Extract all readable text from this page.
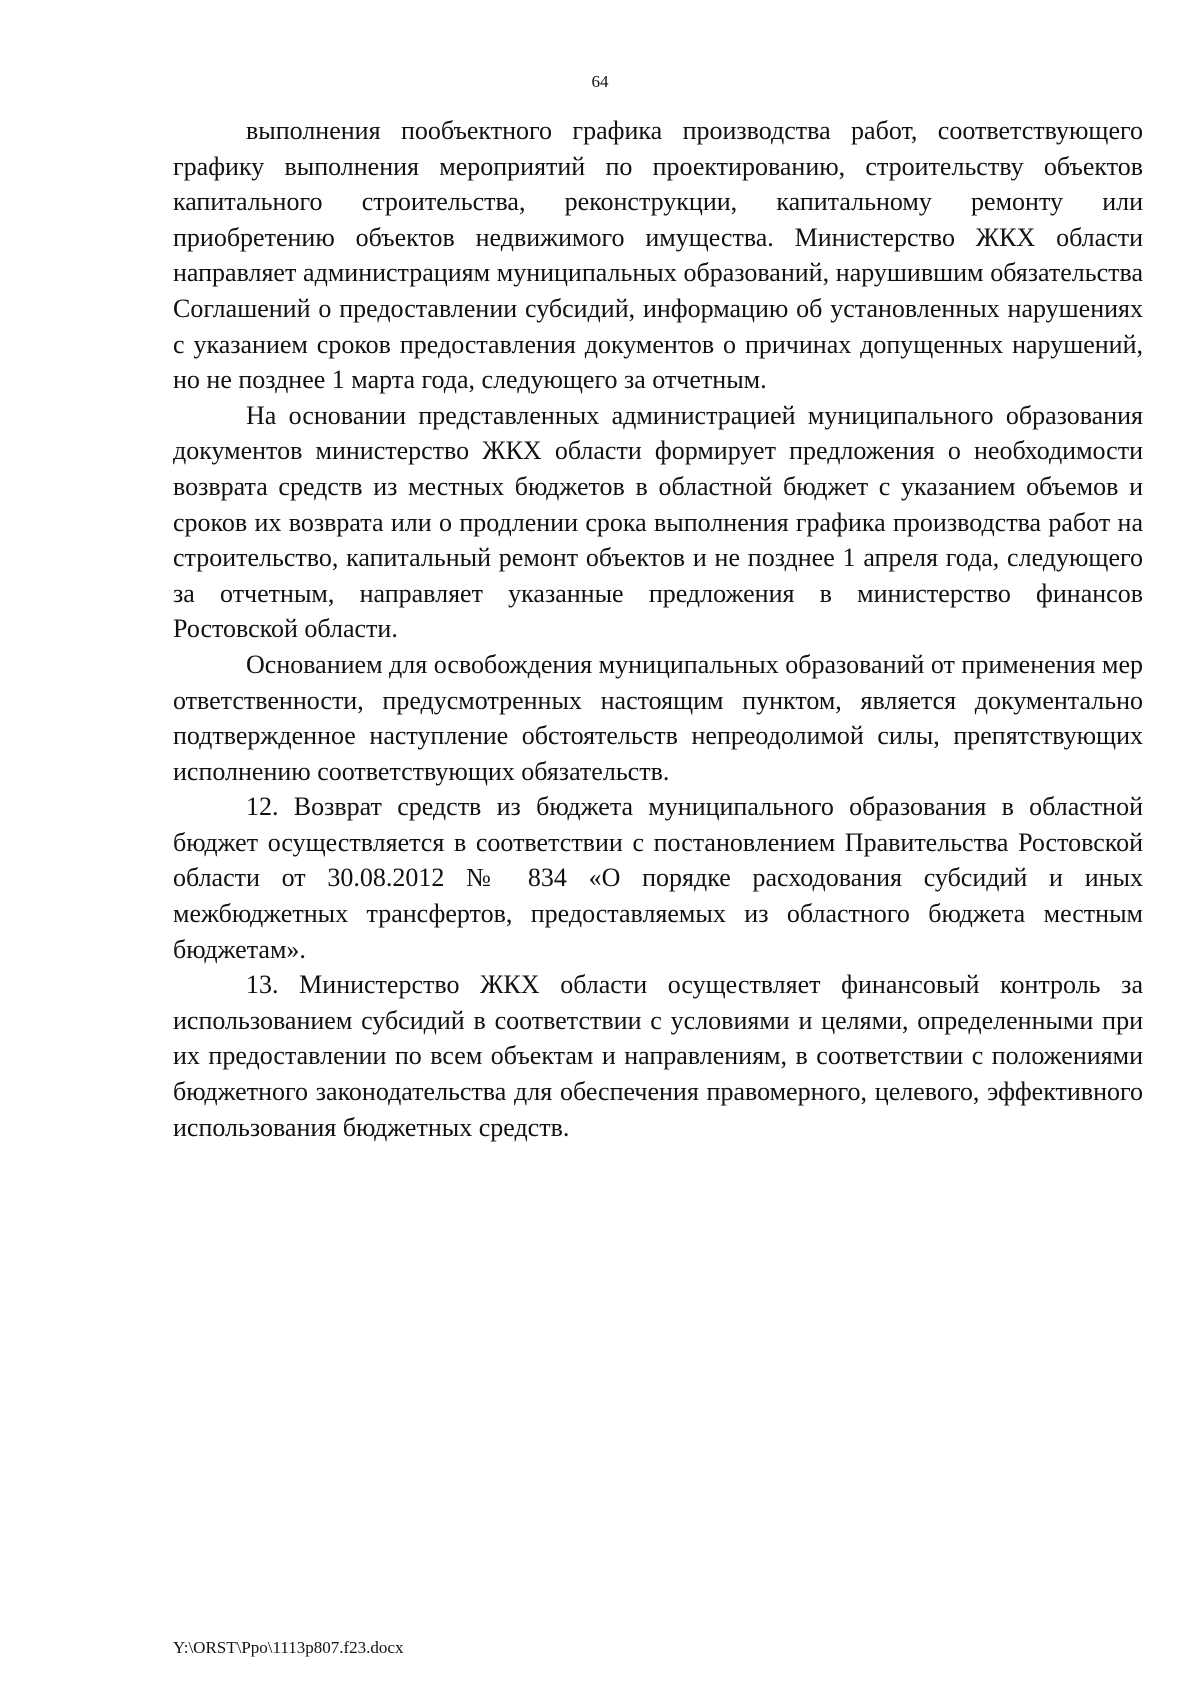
64

выполнения пообъектного графика производства работ, соответствующего графику выполнения мероприятий по проектированию, строительству объектов капитального строительства, реконструкции, капитальному ремонту или приобретению объектов недвижимого имущества. Министерство ЖКХ области направляет администрациям муниципальных образований, нарушившим обязательства Соглашений о предоставлении субсидий, информацию об установленных нарушениях с указанием сроков предоставления документов о причинах допущенных нарушений, но не позднее 1 марта года, следующего за отчетным.

На основании представленных администрацией муниципального образования документов министерство ЖКХ области формирует предложения о необходимости возврата средств из местных бюджетов в областной бюджет с указанием объемов и сроков их возврата или о продлении срока выполнения графика производства работ на строительство, капитальный ремонт объектов и не позднее 1 апреля года, следующего за отчетным, направляет указанные предложения в министерство финансов Ростовской области.

Основанием для освобождения муниципальных образований от применения мер ответственности, предусмотренных настоящим пунктом, является документально подтвержденное наступление обстоятельств непреодолимой силы, препятствующих исполнению соответствующих обязательств.

12. Возврат средств из бюджета муниципального образования в областной бюджет осуществляется в соответствии с постановлением Правительства Ростовской области от 30.08.2012 № 834 «О порядке расходования субсидий и иных межбюджетных трансфертов, предоставляемых из областного бюджета местным бюджетам».

13. Министерство ЖКХ области осуществляет финансовый контроль за использованием субсидий в соответствии с условиями и целями, определенными при их предоставлении по всем объектам и направлениям, в соответствии с положениями бюджетного законодательства для обеспечения правомерного, целевого, эффективного использования бюджетных средств.

Y:\ORST\Ppo\1113p807.f23.docx
